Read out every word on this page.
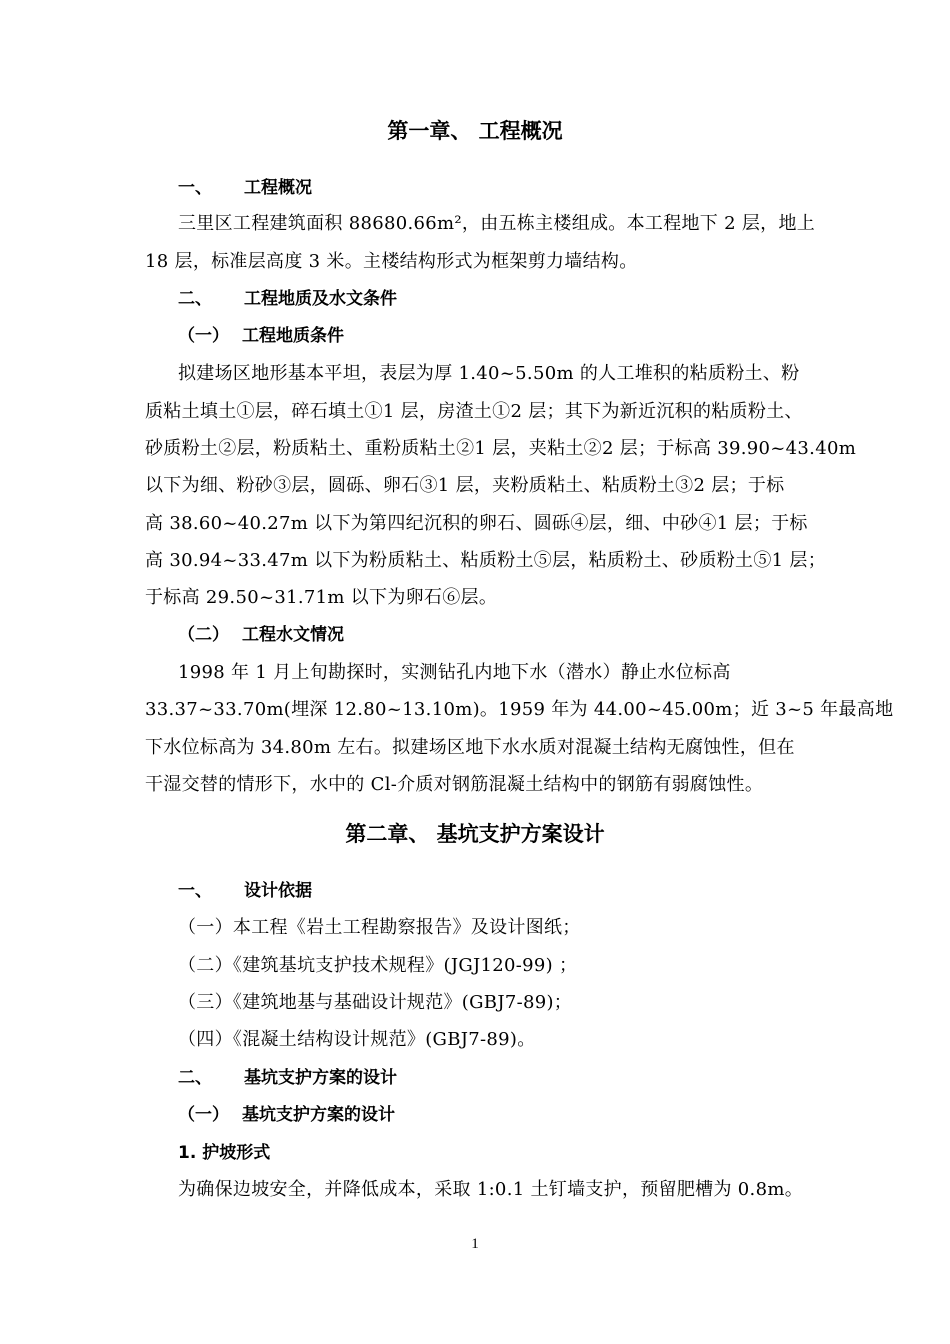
第一章、 工程概况
一、 工程概况
三里区工程建筑面积 88680.66m²，由五栋主楼组成。本工程地下 2 层，地上
18 层，标准层高度 3 米。主楼结构形式为框架剪力墙结构。
二、 工程地质及水文条件
（一） 工程地质条件
拟建场区地形基本平坦，表层为厚 1.40~5.50m 的人工堆积的粘质粉土、粉
质粘土填土①层，碎石填土①1 层，房渣土①2 层；其下为新近沉积的粘质粉土、
砂质粉土②层，粉质粘土、重粉质粘土②1 层，夹粘土②2 层；于标高 39.90~43.40m
以下为细、粉砂③层，圆砾、卵石③1 层，夹粉质粘土、粘质粉土③2 层；于标
高 38.60~40.27m 以下为第四纪沉积的卵石、圆砾④层，细、中砂④1 层；于标
高 30.94~33.47m 以下为粉质粘土、粘质粉土⑤层，粘质粉土、砂质粉土⑤1 层；
于标高 29.50~31.71m 以下为卵石⑥层。
（二） 工程水文情况
1998 年 1 月上旬勘探时，实测钻孔内地下水（潜水）静止水位标高
33.37~33.70m(埋深 12.80~13.10m)。1959 年为 44.00~45.00m；近 3~5 年最高地
下水位标高为 34.80m 左右。拟建场区地下水水质对混凝土结构无腐蚀性，但在
干湿交替的情形下，水中的 Cl-介质对钢筋混凝土结构中的钢筋有弱腐蚀性。
第二章、 基坑支护方案设计
一、 设计依据
（一）本工程《岩土工程勘察报告》及设计图纸；
（二）《建筑基坑支护技术规程》(JGJ120-99) ；
（三）《建筑地基与基础设计规范》(GBJ7-89)；
（四）《混凝土结构设计规范》(GBJ7-89)。
二、 基坑支护方案的设计
（一） 基坑支护方案的设计
1. 护坡形式
为确保边坡安全，并降低成本，采取 1:0.1 土钉墙支护，预留肥槽为 0.8m。
1
